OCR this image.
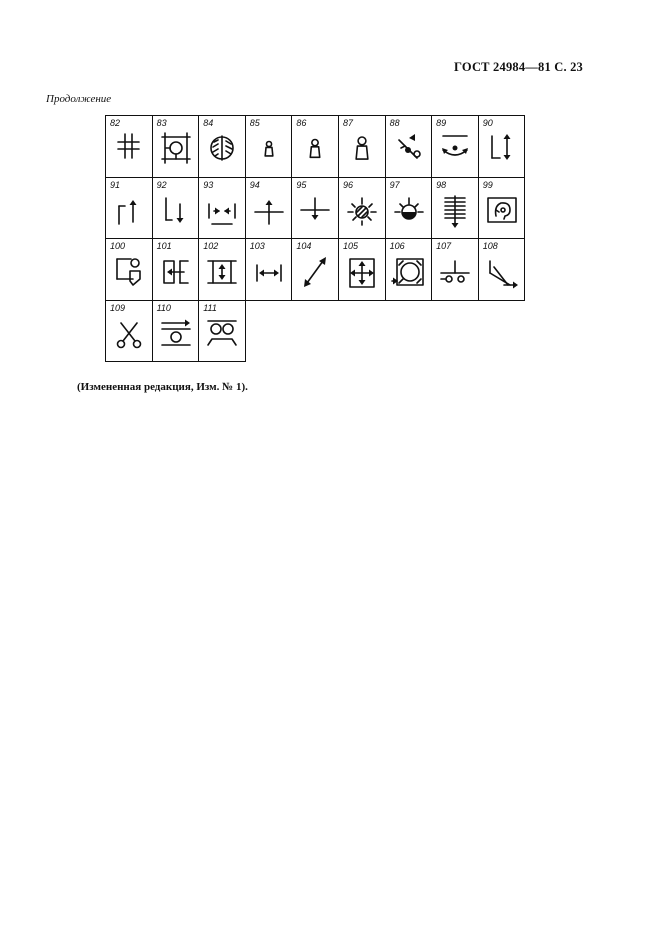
ГОСТ 24984—81 С. 23
Продолжение
82	83	84	85	86	87	88	89	90
91	92	93	94	95	96	97	98	99
100	101	102	103	104	105	106	107	108
109	110	111
(Измененная редакция, Изм. № 1).
